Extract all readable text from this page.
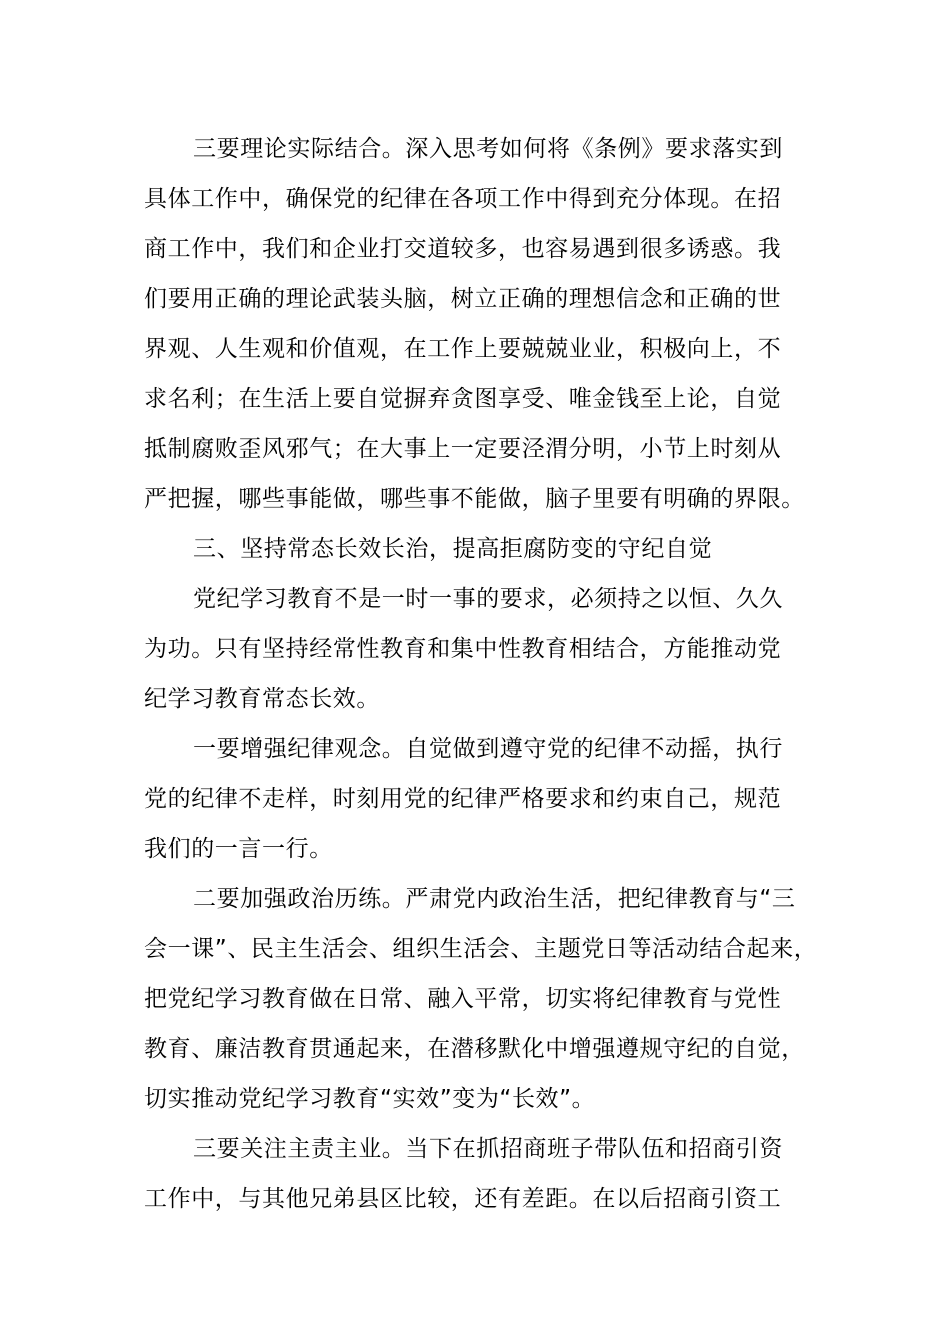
三要理论实际结合。深入思考如何将《条例》要求落实到
具体工作中，确保党的纪律在各项工作中得到充分体现。在招
商工作中，我们和企业打交道较多，也容易遇到很多诱惑。我
们要用正确的理论武装头脑，树立正确的理想信念和正确的世
界观、人生观和价值观，在工作上要兢兢业业，积极向上，不
求名利；在生活上要自觉摒弃贪图享受、唯金钱至上论，自觉
抵制腐败歪风邪气；在大事上一定要泾渭分明，小节上时刻从
严把握，哪些事能做，哪些事不能做，脑子里要有明确的界限。
三、坚持常态长效长治，提高拒腐防变的守纪自觉
党纪学习教育不是一时一事的要求，必须持之以恒、久久
为功。只有坚持经常性教育和集中性教育相结合，方能推动党
纪学习教育常态长效。
一要增强纪律观念。自觉做到遵守党的纪律不动摇，执行
党的纪律不走样，时刻用党的纪律严格要求和约束自己，规范
我们的一言一行。
二要加强政治历练。严肃党内政治生活，把纪律教育与“三
会一课”、民主生活会、组织生活会、主题党日等活动结合起来，
把党纪学习教育做在日常、融入平常，切实将纪律教育与党性
教育、廉洁教育贯通起来，在潜移默化中增强遵规守纪的自觉，
切实推动党纪学习教育“实效”变为“长效”。
三要关注主责主业。当下在抓招商班子带队伍和招商引资
工作中，与其他兄弟县区比较，还有差距。在以后招商引资工
